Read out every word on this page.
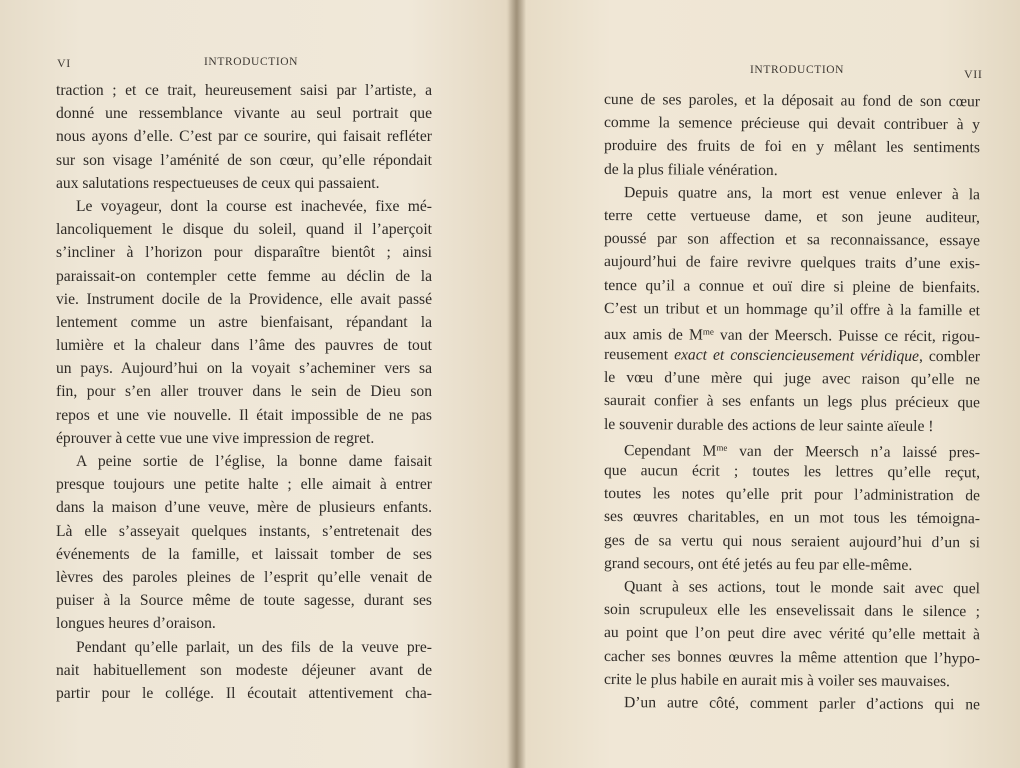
VI	INTRODUCTION
traction ; et ce trait, heureusement saisi par l’artiste, a
donné une ressemblance vivante au seul portrait que
nous ayons d’elle. C’est par ce sourire, qui faisait refléter
sur son visage l’aménité de son cœur, qu’elle répondait
aux salutations respectueuses de ceux qui passaient.
Le voyageur, dont la course est inachevée, fixe mé-
lancoliquement le disque du soleil, quand il l’aperçoit
s’incliner à l’horizon pour disparaître bientôt ; ainsi
paraissait-on contempler cette femme au déclin de la
vie. Instrument docile de la Providence, elle avait passé
lentement comme un astre bienfaisant, répandant la
lumière et la chaleur dans l’âme des pauvres de tout
un pays. Aujourd’hui on la voyait s’acheminer vers sa
fin, pour s’en aller trouver dans le sein de Dieu son
repos et une vie nouvelle. Il était impossible de ne pas
éprouver à cette vue une vive impression de regret.
A peine sortie de l’église, la bonne dame faisait
presque toujours une petite halte ; elle aimait à entrer
dans la maison d’une veuve, mère de plusieurs enfants.
Là elle s’asseyait quelques instants, s’entretenait des
événements de la famille, et laissait tomber de ses
lèvres des paroles pleines de l’esprit qu’elle venait de
puiser à la Source même de toute sagesse, durant ses
longues heures d’oraison.
Pendant qu’elle parlait, un des fils de la veuve pre-
nait habituellement son modeste déjeuner avant de
partir pour le collége. Il écoutait attentivement cha-
INTRODUCTION	VII
cune de ses paroles, et la déposait au fond de son cœur
comme la semence précieuse qui devait contribuer à y
produire des fruits de foi en y mêlant les sentiments
de la plus filiale vénération.
Depuis quatre ans, la mort est venue enlever à la
terre cette vertueuse dame, et son jeune auditeur,
poussé par son affection et sa reconnaissance, essaye
aujourd’hui de faire revivre quelques traits d’une exis-
tence qu’il a connue et ouï dire si pleine de bienfaits.
C’est un tribut et un hommage qu’il offre à la famille et
aux amis de $M^{me}$ van der Meersch. Puisse ce récit, rigou-
reusement exact et consciencieusement véridique, combler
le vœu d’une mère qui juge avec raison qu’elle ne
saurait confier à ses enfants un legs plus précieux que
le souvenir durable des actions de leur sainte aïeule !
Cependant $M^{me}$ van der Meersch n’a laissé pres-
que aucun écrit ; toutes les lettres qu’elle reçut,
toutes les notes qu’elle prit pour l’administration de
ses œuvres charitables, en un mot tous les témoigna-
ges de sa vertu qui nous seraient aujourd’hui d’un si
grand secours, ont été jetés au feu par elle-même.
Quant à ses actions, tout le monde sait avec quel
soin scrupuleux elle les ensevelissait dans le silence ;
au point que l’on peut dire avec vérité qu’elle mettait à
cacher ses bonnes œuvres la même attention que l’hypo-
crite le plus habile en aurait mis à voiler ses mauvaises.
D’un autre côté, comment parler d’actions qui ne
